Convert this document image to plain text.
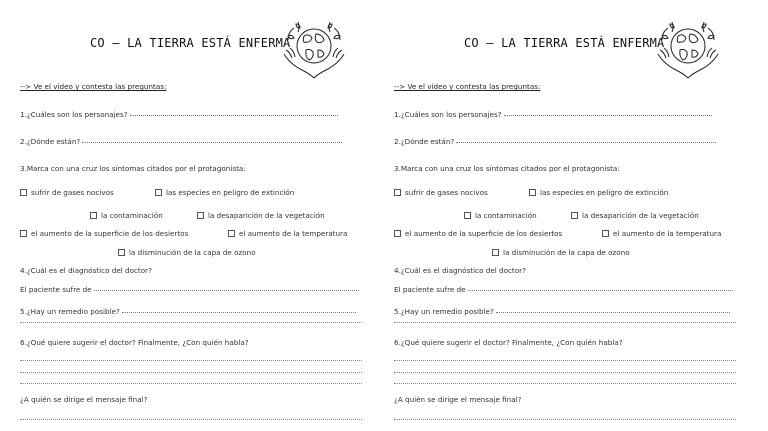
CO – LA TIERRA ESTÁ ENFERMA
--> Ve el vídeo y contesta las preguntas:
1.¿Cuáles son los personajes?
2.¿Dónde están?
3.Marca con una cruz los síntomas citados por el protagonista:
sufrir de gases nocivos	las especies en peligro de extinción
la contaminación	la desaparición de la vegetación
el aumento de la superficie de los desiertos	el aumento de la temperatura
la disminución de la capa de ozono
4.¿Cuál es el diagnóstico del doctor?
El paciente sufre de
5.¿Hay un remedio posible?
6.¿Qué quiere sugerir el doctor? Finalmente, ¿Con quién habla?
¿A quién se dirige el mensaje final?
CO – LA TIERRA ESTÁ ENFERMA
--> Ve el vídeo y contesta las preguntas:
1.¿Cuáles son los personajes?
2.¿Dónde están?
3.Marca con una cruz los síntomas citados por el protagonista:
sufrir de gases nocivos	las especies en peligro de extinción
la contaminación	la desaparición de la vegetación
el aumento de la superficie de los desiertos	el aumento de la temperatura
la disminución de la capa de ozono
4.¿Cuál es el diagnóstico del doctor?
El paciente sufre de
5.¿Hay un remedio posible?
6.¿Qué quiere sugerir el doctor? Finalmente, ¿Con quién habla?
¿A quién se dirige el mensaje final?
